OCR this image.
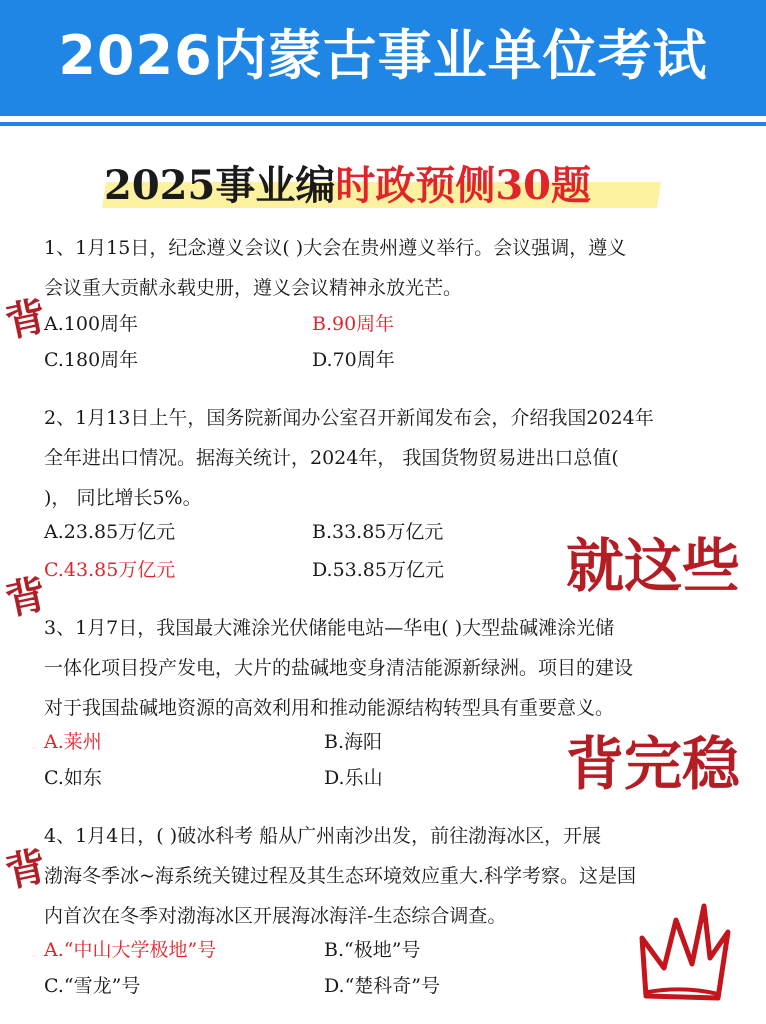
2026内蒙古事业单位考试
2025事业编时政预侧30题
1、1月15日，纪念遵义会议( )大会在贵州遵义举行。会议强调，遵义
会议重大贡献永载史册，遵义会议精神永放光芒。
A.100周年	B.90周年
C.180周年	D.70周年
2、1月13日上午，国务院新闻办公室召开新闻发布会，介绍我国2024年
全年进出口情况。据海关统计，2024年， 我国货物贸易进出口总值(
)， 同比增长5%。
A.23.85万亿元	B.33.85万亿元
C.43.85万亿元	D.53.85万亿元
3、1月7日，我国最大滩涂光伏储能电站—华电( )大型盐碱滩涂光储
一体化项目投产发电，大片的盐碱地变身清洁能源新绿洲。项目的建设
对于我国盐碱地资源的高效利用和推动能源结构转型具有重要意义。
A.莱州	B.海阳
C.如东	D.乐山
4、1月4日，( )破冰科考 船从广州南沙出发，前往渤海冰区，开展
渤海冬季冰~海系统关键过程及其生态环境效应重大.科学考察。这是国
内首次在冬季对渤海冰区开展海冰海洋-生态综合调查。
A.“中山大学极地”号	B.“极地”号
C.“雪龙”号	D.“楚科奇”号
背
背
背
就这些
背完稳
